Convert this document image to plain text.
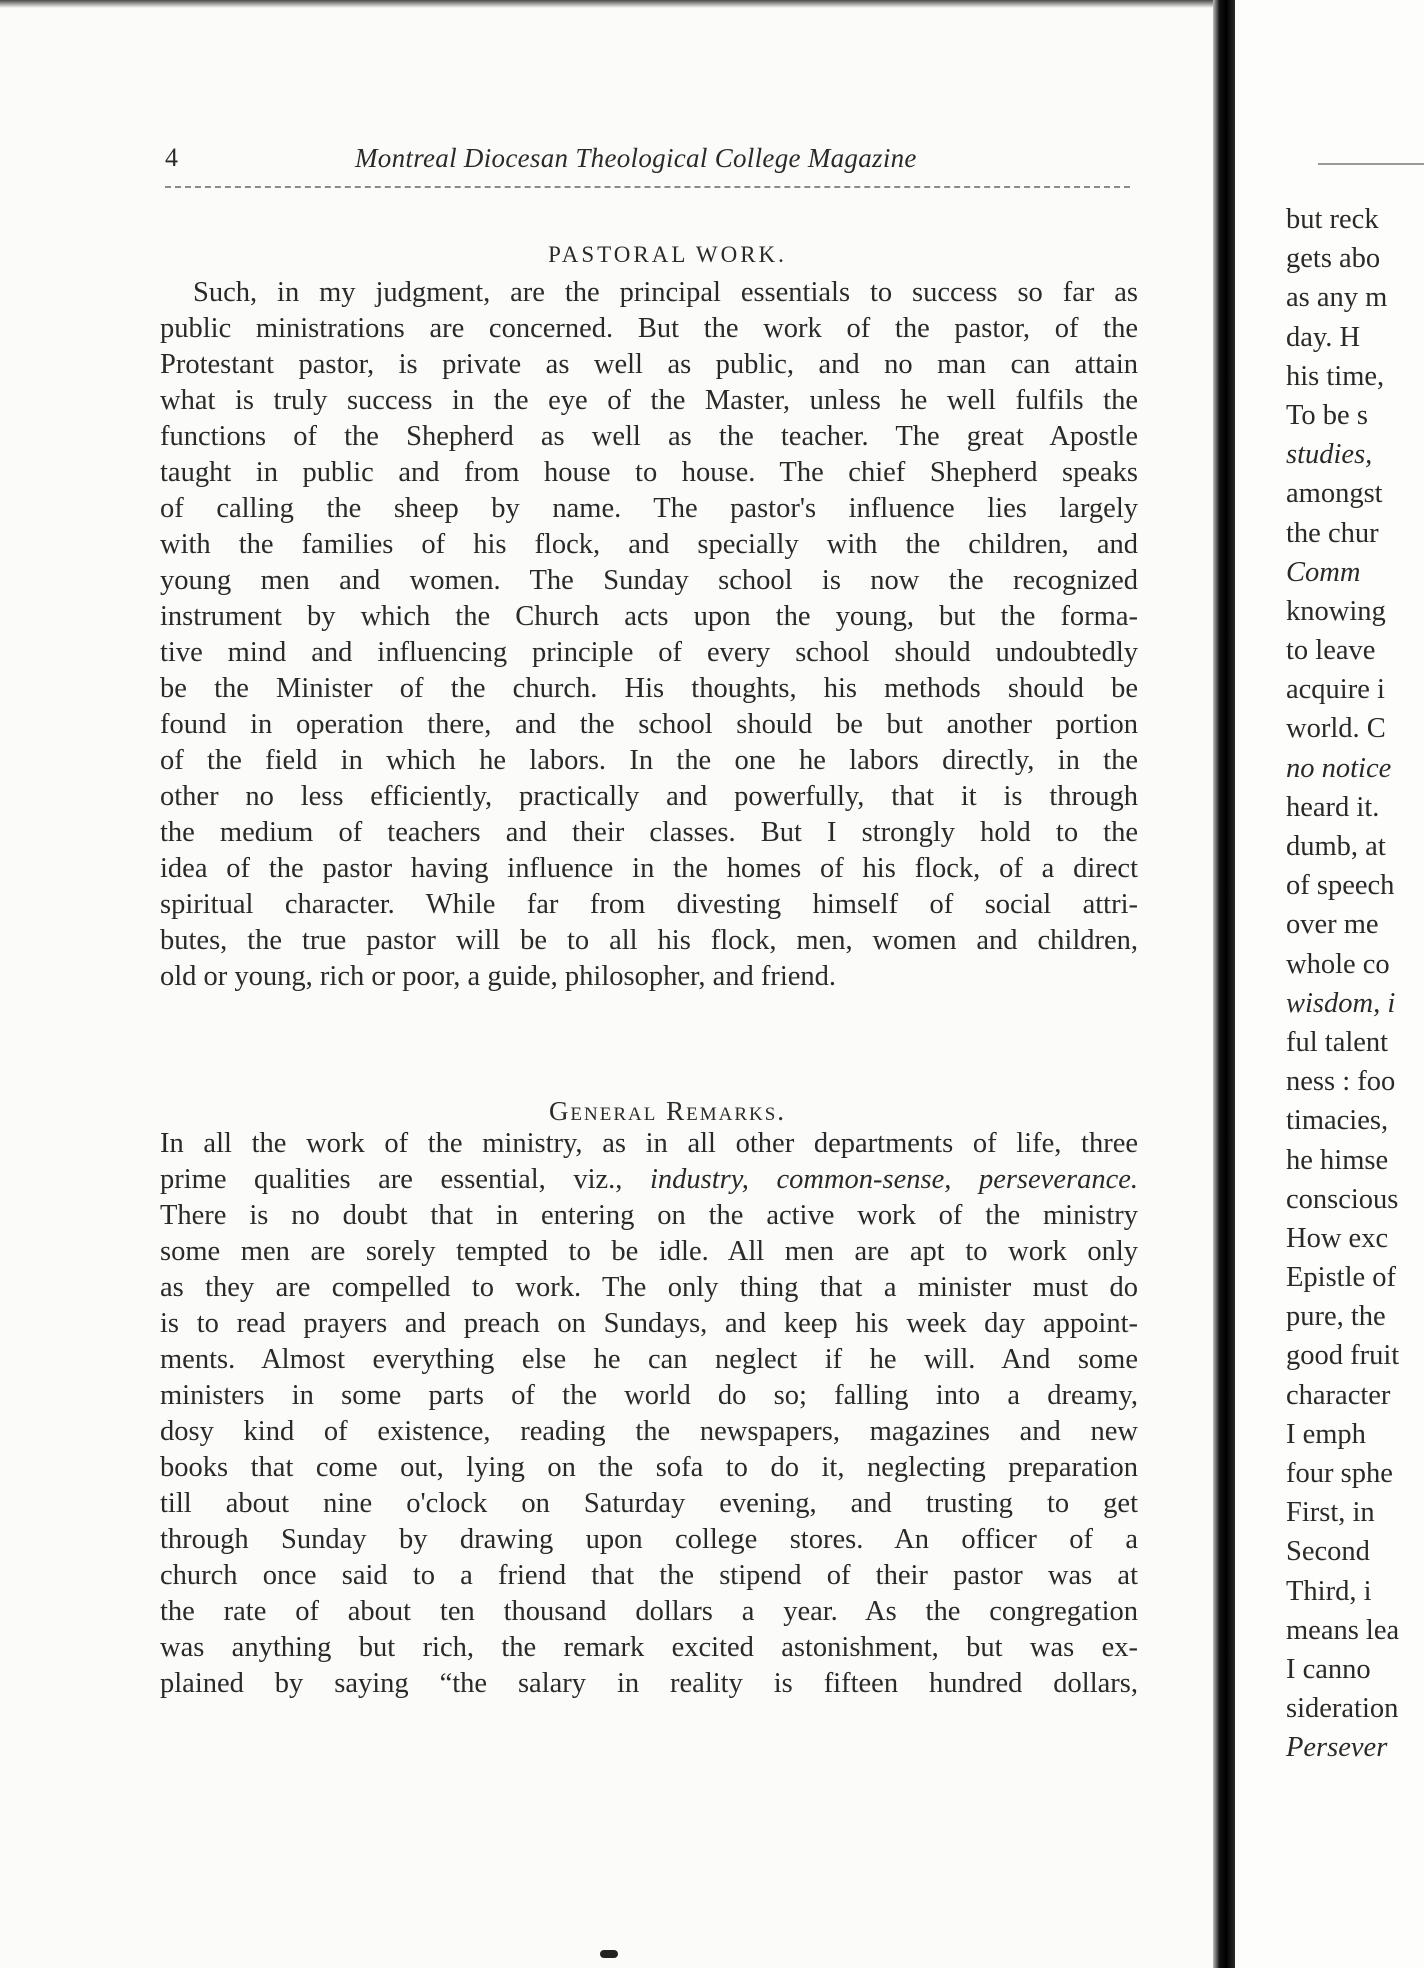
4	Montreal Diocesan Theological College Magazine
PASTORAL WORK.
Such, in my judgment, are the principal essentials to success so far as
public ministrations are concerned. But the work of the pastor, of the
Protestant pastor, is private as well as public, and no man can attain
what is truly success in the eye of the Master, unless he well fulfils the
functions of the Shepherd as well as the teacher. The great Apostle
taught in public and from house to house. The chief Shepherd speaks
of calling the sheep by name. The pastor's influence lies largely
with the families of his flock, and specially with the children, and
young men and women. The Sunday school is now the recognized
instrument by which the Church acts upon the young, but the forma-
tive mind and influencing principle of every school should undoubtedly
be the Minister of the church. His thoughts, his methods should be
found in operation there, and the school should be but another portion
of the field in which he labors. In the one he labors directly, in the
other no less efficiently, practically and powerfully, that it is through
the medium of teachers and their classes. But I strongly hold to the
idea of the pastor having influence in the homes of his flock, of a direct
spiritual character. While far from divesting himself of social attri-
butes, the true pastor will be to all his flock, men, women and children,
old or young, rich or poor, a guide, philosopher, and friend.
General Remarks.
In all the work of the ministry, as in all other departments of life, three
prime qualities are essential, viz., industry, common-sense, perseverance.
There is no doubt that in entering on the active work of the ministry
some men are sorely tempted to be idle. All men are apt to work only
as they are compelled to work. The only thing that a minister must do
is to read prayers and preach on Sundays, and keep his week day appoint-
ments. Almost everything else he can neglect if he will. And some
ministers in some parts of the world do so; falling into a dreamy,
dosy kind of existence, reading the newspapers, magazines and new
books that come out, lying on the sofa to do it, neglecting preparation
till about nine o'clock on Saturday evening, and trusting to get
through Sunday by drawing upon college stores. An officer of a
church once said to a friend that the stipend of their pastor was at
the rate of about ten thousand dollars a year. As the congregation
was anything but rich, the remark excited astonishment, but was ex-
plained by saying “the salary in reality is fifteen hundred dollars,
but reck
gets abo
as any m
day. H
his time,
To be s
studies,
amongst
the chur
Comm
knowing
to leave
acquire i
world. C
no notice
heard it.
dumb, at
of speech
over me
whole co
wisdom, i
ful talent
ness : foo
timacies,
he himse
conscious
How exc
Epistle of
pure, the
good fruit
character
I emph
four sphe
First, in
Second
Third, i
means lea
I canno
sideration
Persever
